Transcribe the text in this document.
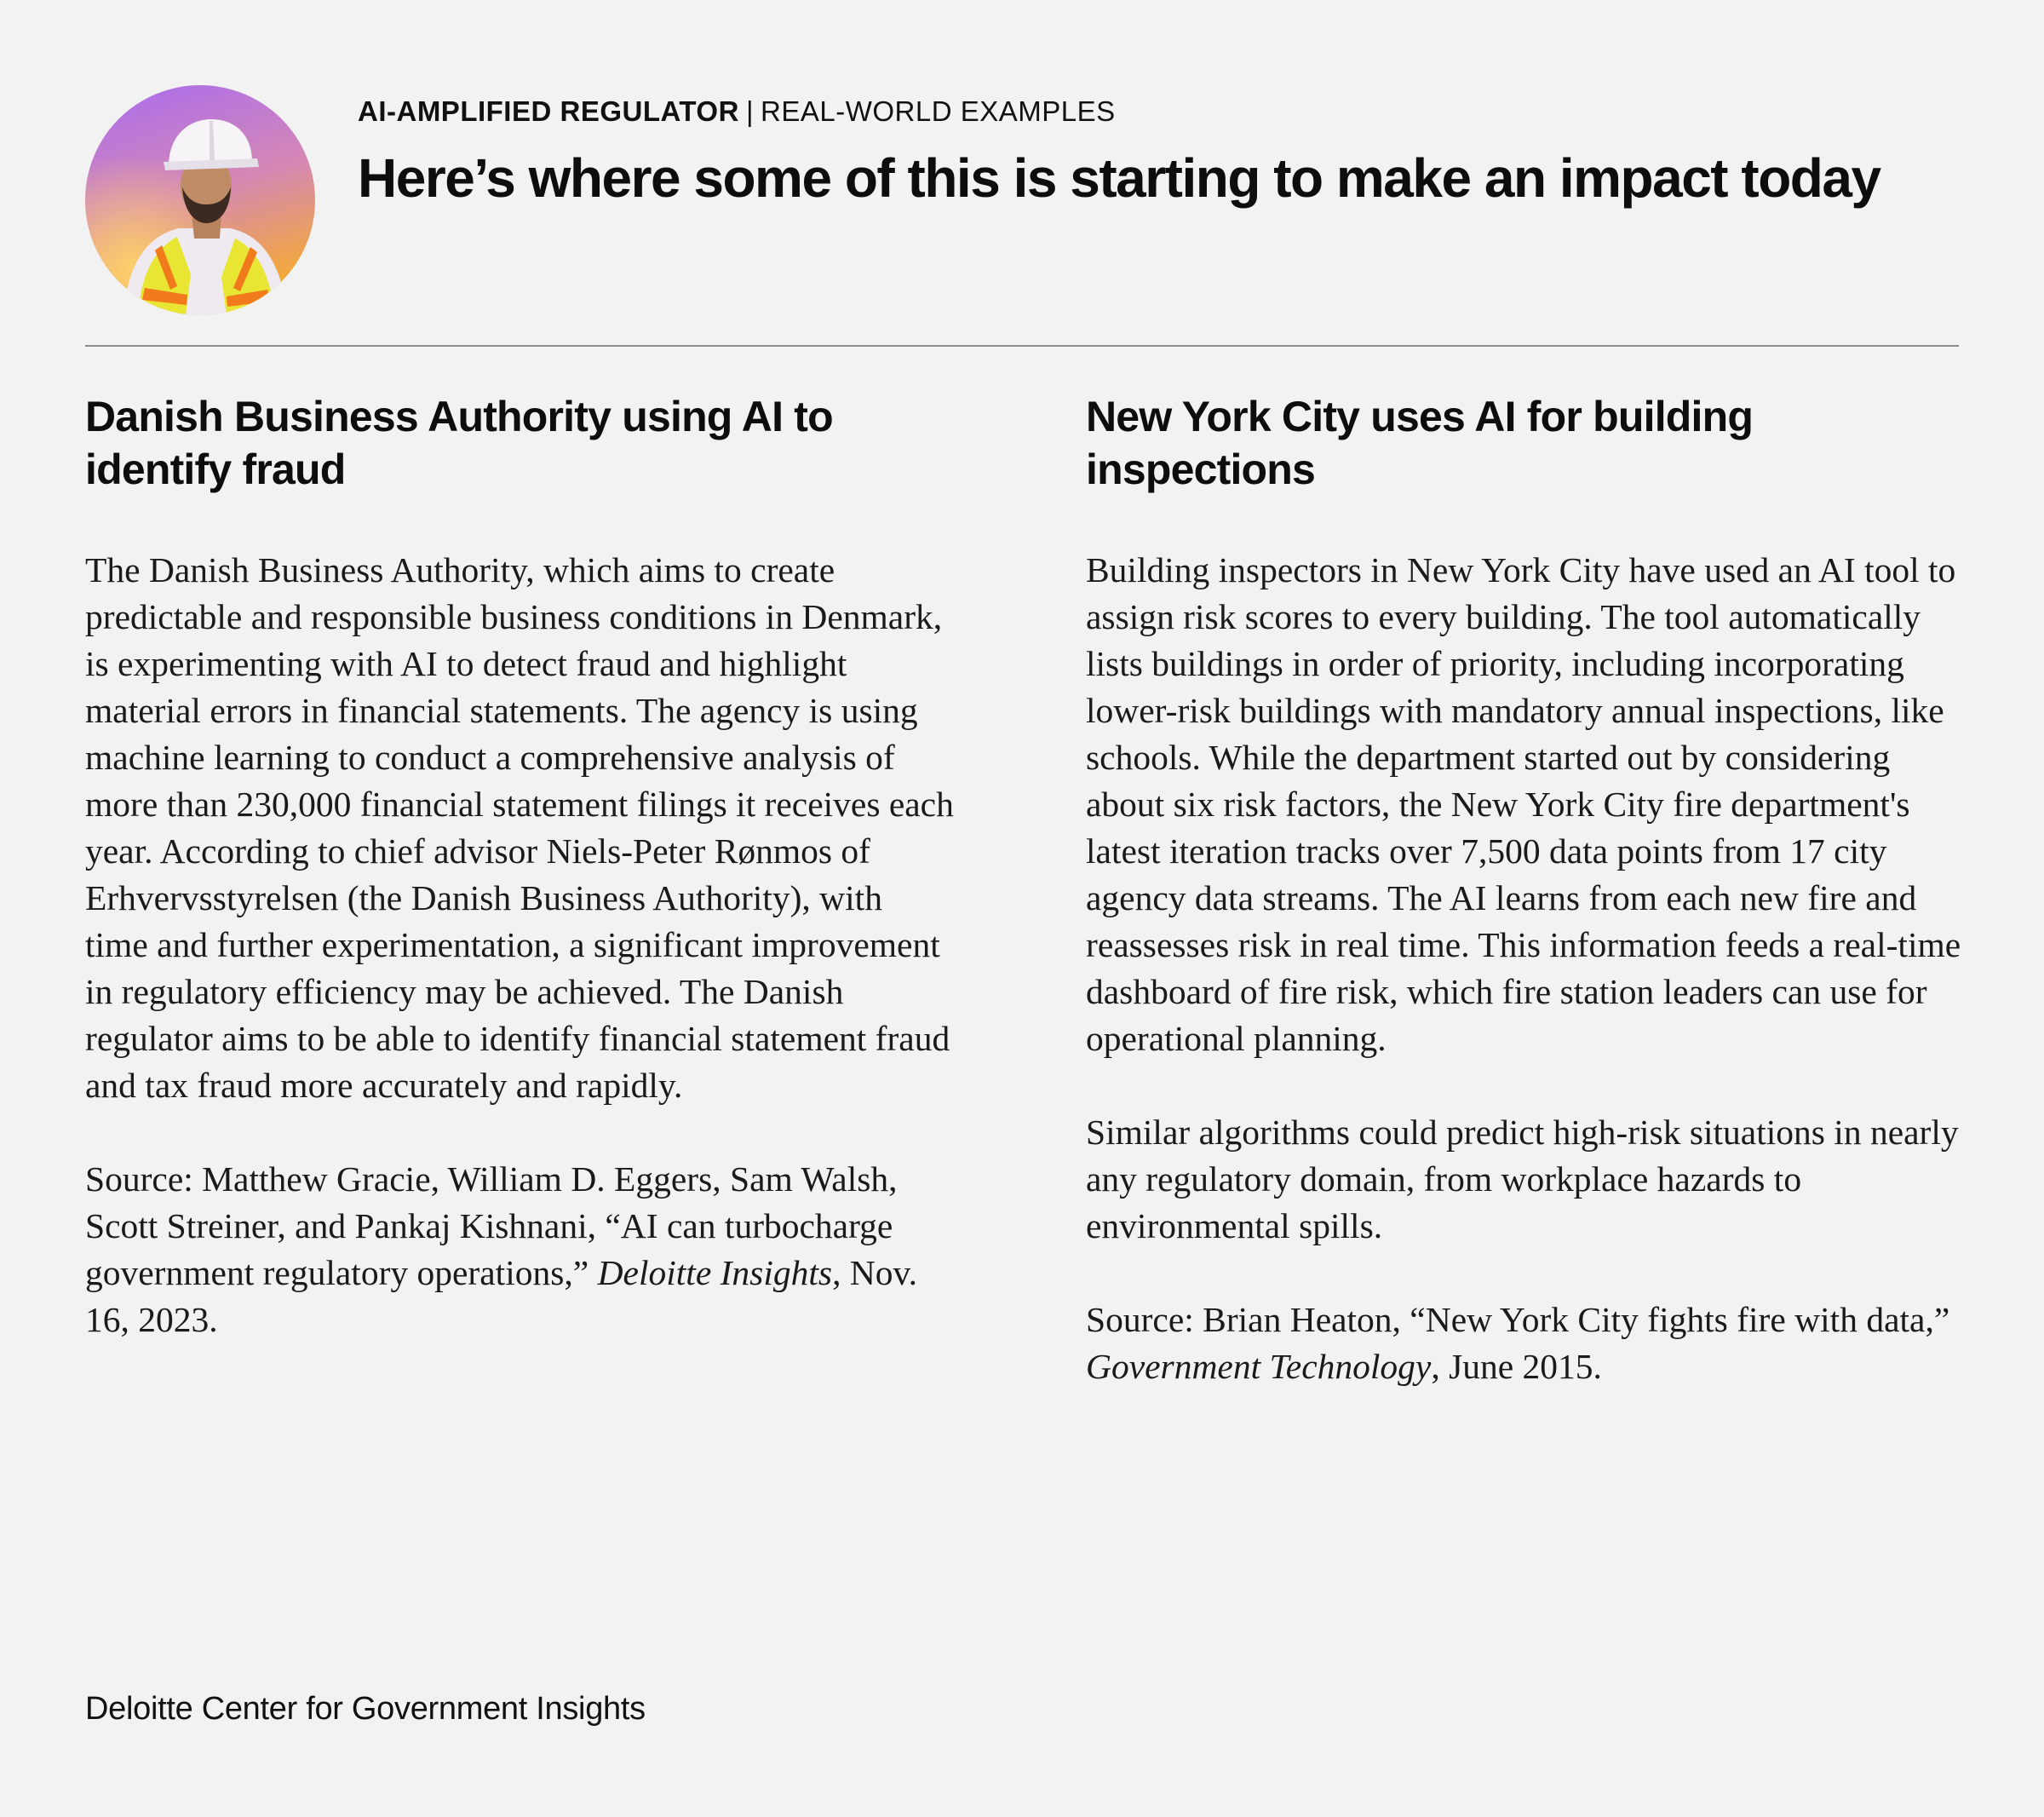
AI-AMPLIFIED REGULATOR | REAL-WORLD EXAMPLES
Here’s where some of this is starting to make an impact today
Danish Business Authority using AI to identify fraud

The Danish Business Authority, which aims to create predictable and responsible business conditions in Denmark, is experimenting with AI to detect fraud and highlight material errors in financial statements. The agency is using machine learning to conduct a comprehensive analysis of more than 230,000 financial statement filings it receives each year. According to chief advisor Niels-Peter Rønmos of Erhvervsstyrelsen (the Danish Business Authority), with time and further experimentation, a significant improvement in regulatory efficiency may be achieved. The Danish regulator aims to be able to identify financial statement fraud and tax fraud more accurately and rapidly.

Source: Matthew Gracie, William D. Eggers, Sam Walsh, Scott Streiner, and Pankaj Kishnani, “AI can turbocharge government regulatory operations,” Deloitte Insights, Nov. 16, 2023.

New York City uses AI for building inspections

Building inspectors in New York City have used an AI tool to assign risk scores to every building. The tool automatically lists buildings in order of priority, including incorporating lower-risk buildings with mandatory annual inspections, like schools. While the department started out by considering about six risk factors, the New York City fire department's latest iteration tracks over 7,500 data points from 17 city agency data streams. The AI learns from each new fire and reassesses risk in real time. This information feeds a real-time dashboard of fire risk, which fire station leaders can use for operational planning.

Similar algorithms could predict high-risk situations in nearly any regulatory domain, from workplace hazards to environmental spills.

Source: Brian Heaton, “New York City fights fire with data,” Government Technology, June 2015.

Deloitte Center for Government Insights
